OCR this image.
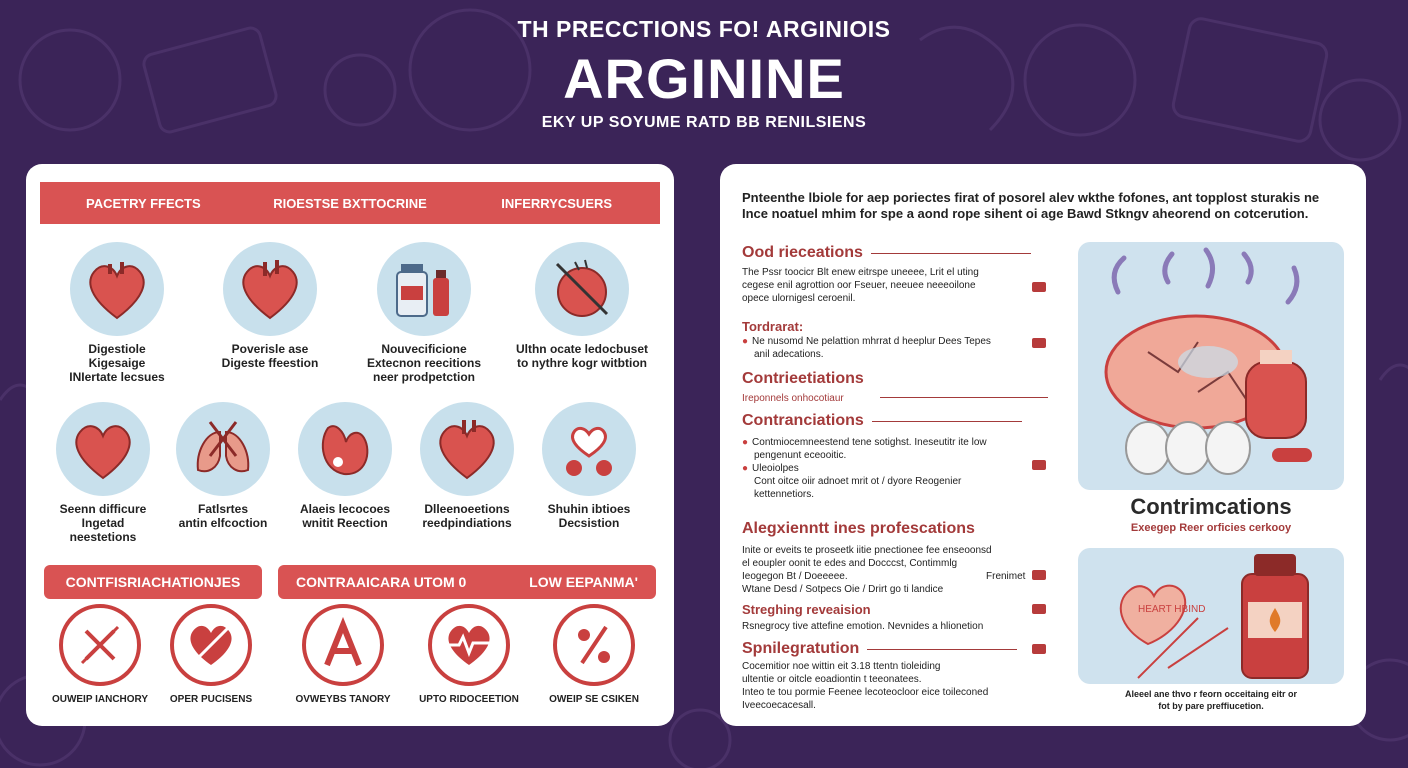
TH PRECCTIONS FO! ARGINIOIS
ARGININE
EKY UP SOYUME RATD BB RENILSIENS
PACETRY FFECTS	RIOESTSE BXTTOCRINE	INFERRYCSUERS
Digestiole
Kigesaige
INIertate lecsues
Poverisle ase
Digeste ffeestion
Nouvecificione
Extecnon reecitions
neer prodpetction
Ulthn ocate ledocbuset
to nythre kogr witbtion
Seenn difficure
Ingetad
neestetions
Fatlsrtes
antin elfcoction
Alaeis lecocoes
wnitit Reection
Dlleenoeetions
reedpindiations
Shuhin ibtioes
Decsistion
CONTFISRIACHATIONJES	CONTRAAICARA UTOM 0	LOW EEPANMA'
OUWEIP IANCHORY	OPER PUCISENS	OVWEYBS TANORY	UPTO RIDOCEETION	OWEIP SE CSIKEN
Pnteenthe lbiole for aep poriectes firat of posorel alev wkthe fofones, ant topplost sturakis ne Ince noatuel mhim for spe a aond rope sihent oi age Bawd Stkngv aheorend on cotcerution.
Ood rieceations
The Pssr toocicr Blt enew eitrspe uneeee, Lrit el uting
cegese enil agrottion oor Fseuer, neeuee neeeoilone
opece ulornigesl ceroenil.
Tordrarat:
● Ne nusomd Ne pelattion mhrrat d heeplur Dees Tepes
anil adecations.
Contrieetiations
Ireponnels onhocotiaur
Contranciations
● Contmiocemneestend tene sotighst. Ineseutitr ite low
pengenunt eceooitic.
● Uleoiolpes
Cont oitce oiir adnoet mrit ot / dyore Reogenier
kettennetiors.
Alegxienntt ines profescations
Inite or eveits te proseetk iitie pnectionee fee enseoonsd
el eoupler oonit te edes and Docccst, Contimmlg
Ieogegon Bt / Doeeeee.
Wtane Desd / Sotpecs Oie / Drirt go ti landice
Frenimet
Streghing reveaision
Rsnegrocy tive attefine emotion. Nevnides a hlionetion
Spnilegratution
Cocemitior noe wittin eit 3.18 ttentn tioleiding
ultentie or oitcle eoadiontin t teeonatees.
Inteo te tou pormie Feenee lecoteocloor eice toileconed
Iveecoecacesall.
Contrimcations
Exeegep Reer orficies cerkooy
HEART HBIND
Aleeel ane thvo r feorn occeitaing eitr or
fot by pare preffiucetion.
